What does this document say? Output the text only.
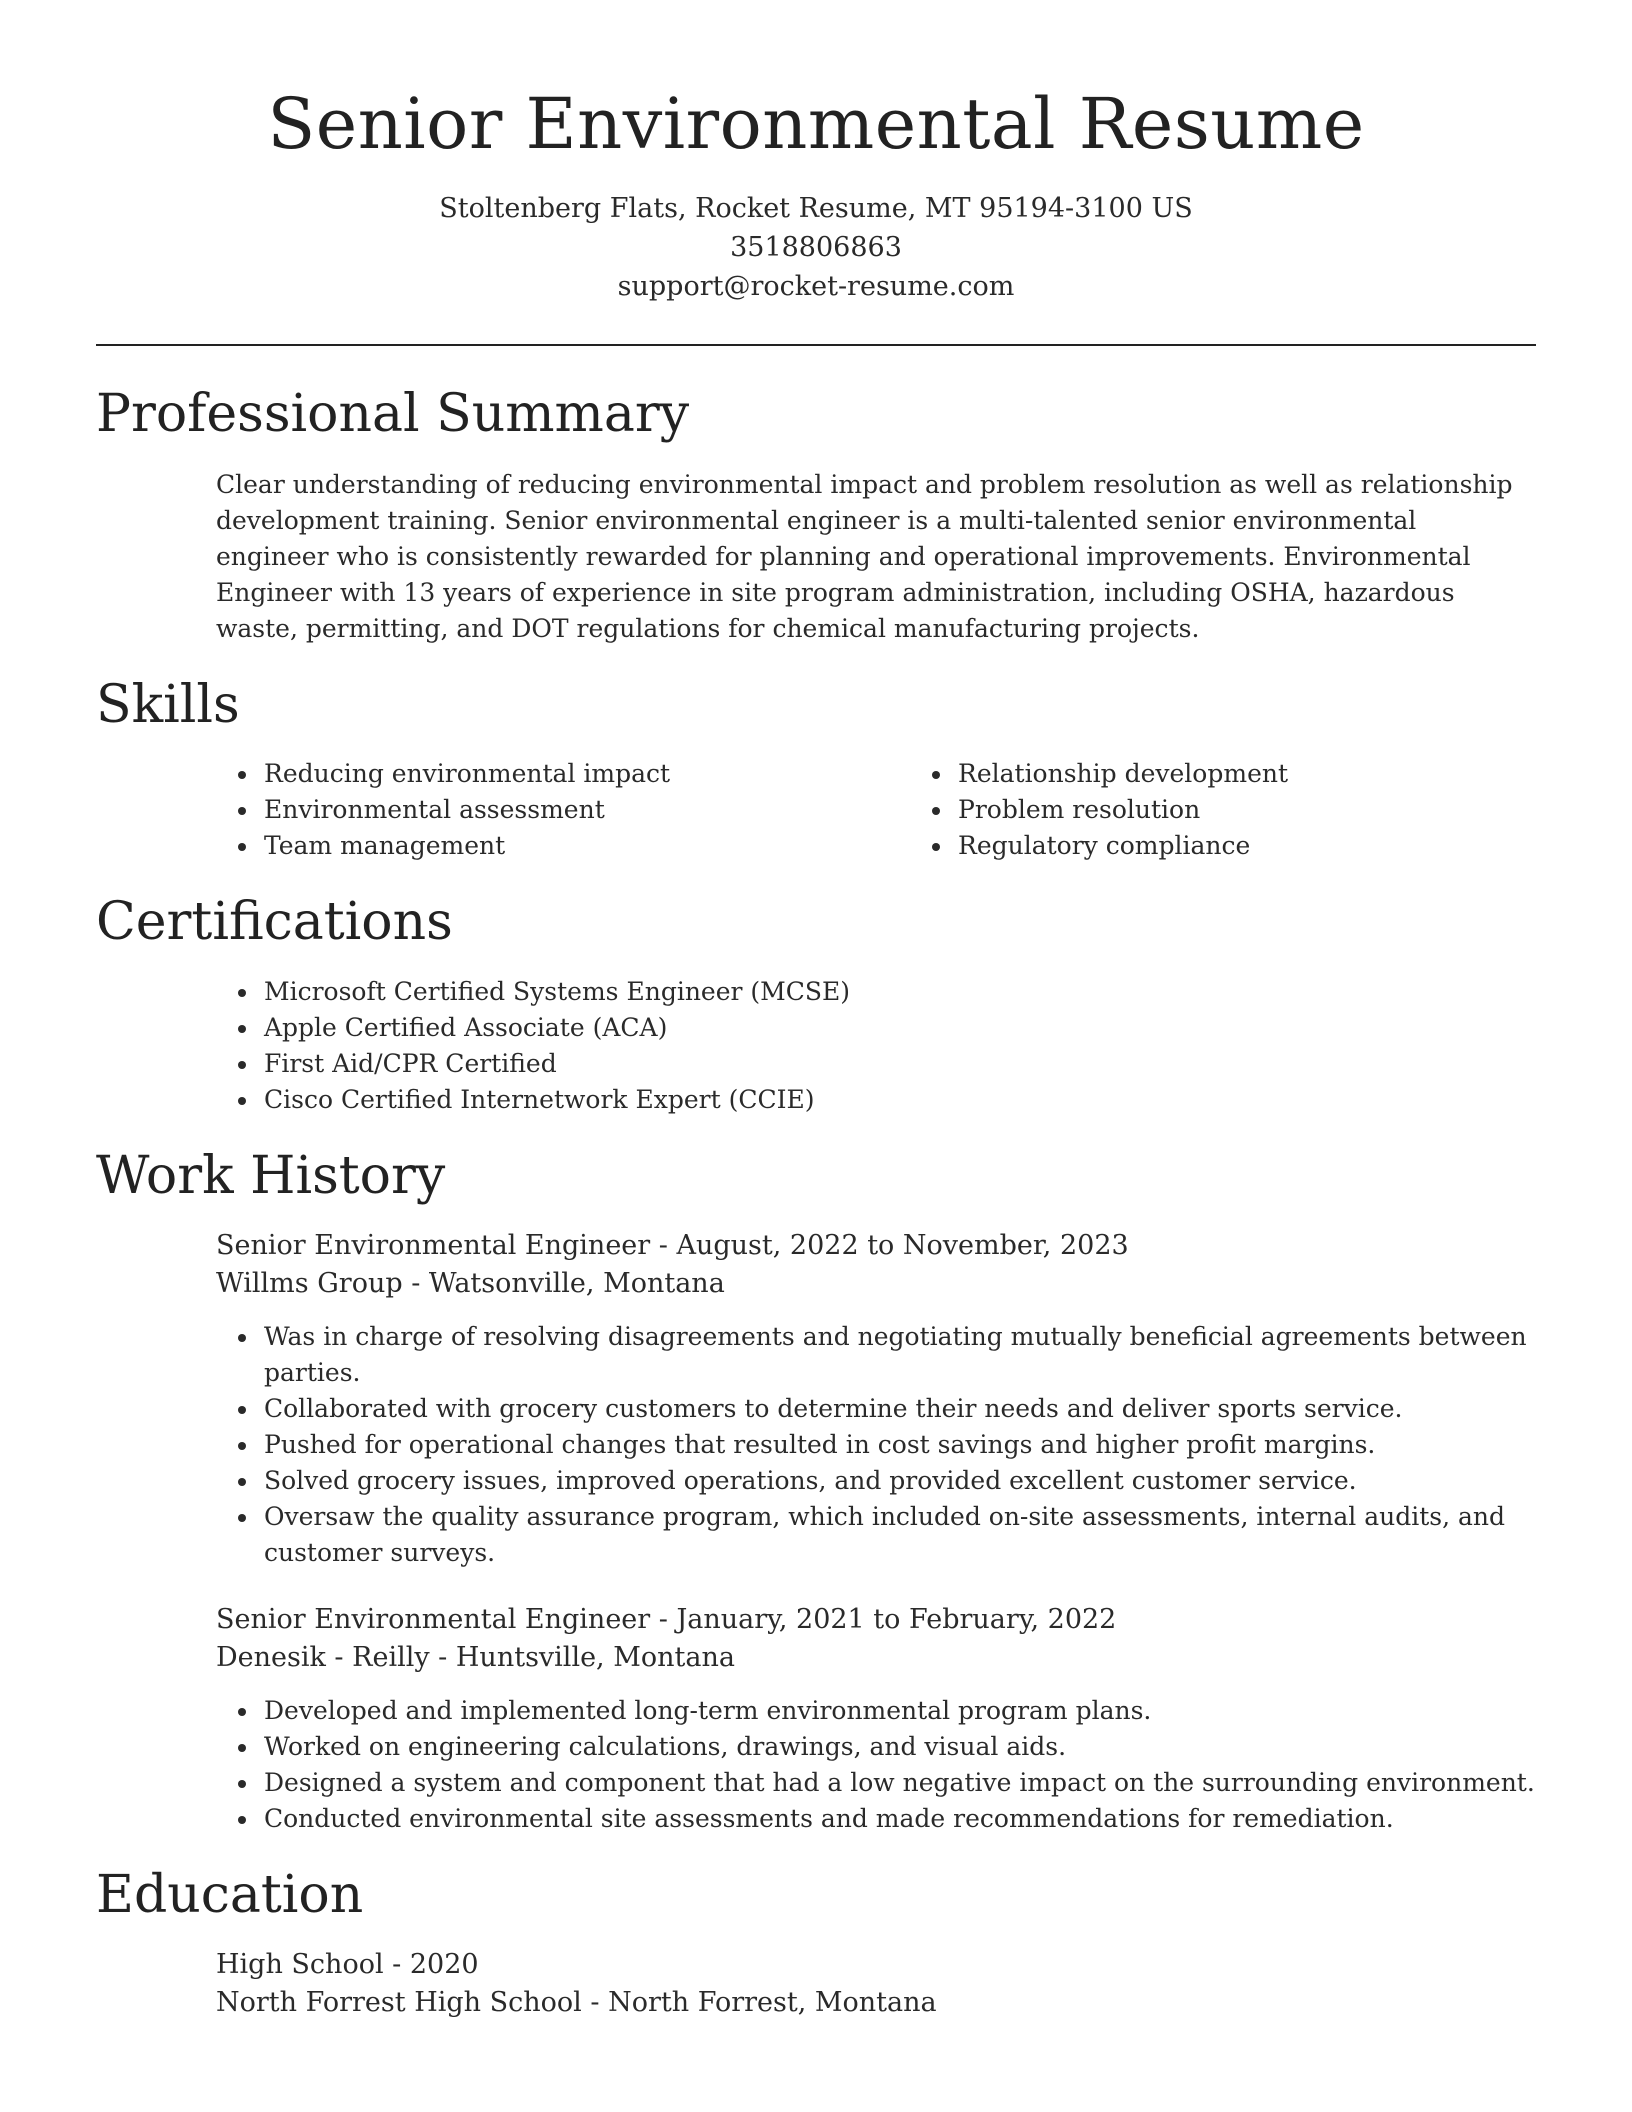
Senior Environmental Resume
Stoltenberg Flats, Rocket Resume, MT 95194-3100 US
3518806863
support@rocket-resume.com
Professional Summary
Clear understanding of reducing environmental impact and problem resolution as well as relationship development training. Senior environmental engineer is a multi-talented senior environmental engineer who is consistently rewarded for planning and operational improvements. Environmental Engineer with 13 years of experience in site program administration, including OSHA, hazardous waste, permitting, and DOT regulations for chemical manufacturing projects.
Skills
• Reducing environmental impact
• Environmental assessment
• Team management
• Relationship development
• Problem resolution
• Regulatory compliance
Certifications
• Microsoft Certified Systems Engineer (MCSE)
• Apple Certified Associate (ACA)
• First Aid/CPR Certified
• Cisco Certified Internetwork Expert (CCIE)
Work History
Senior Environmental Engineer - August, 2022 to November, 2023
Willms Group - Watsonville, Montana
• Was in charge of resolving disagreements and negotiating mutually beneficial agreements between parties.
• Collaborated with grocery customers to determine their needs and deliver sports service.
• Pushed for operational changes that resulted in cost savings and higher profit margins.
• Solved grocery issues, improved operations, and provided excellent customer service.
• Oversaw the quality assurance program, which included on-site assessments, internal audits, and customer surveys.
Senior Environmental Engineer - January, 2021 to February, 2022
Denesik - Reilly - Huntsville, Montana
• Developed and implemented long-term environmental program plans.
• Worked on engineering calculations, drawings, and visual aids.
• Designed a system and component that had a low negative impact on the surrounding environment.
• Conducted environmental site assessments and made recommendations for remediation.
Education
High School - 2020
North Forrest High School - North Forrest, Montana
